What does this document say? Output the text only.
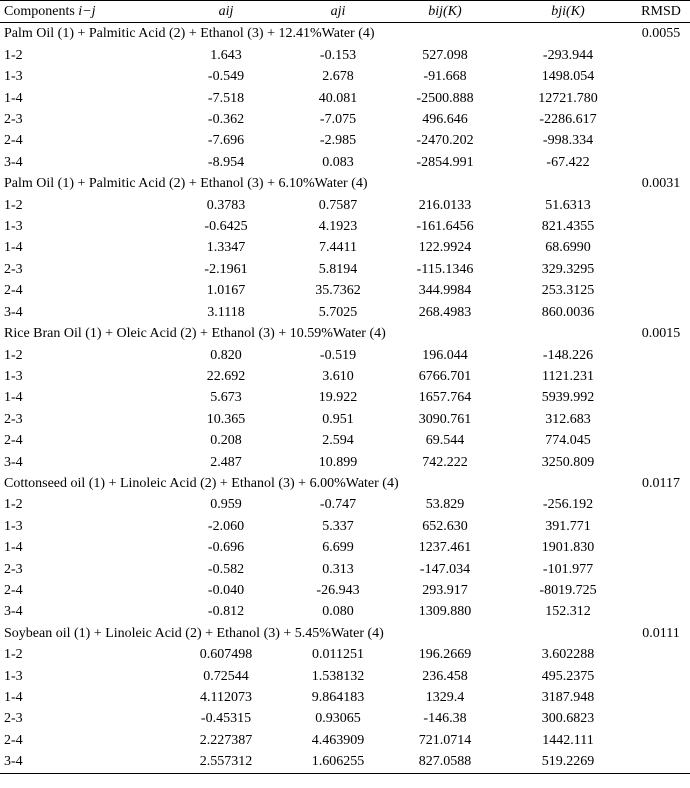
Components i−j	aij	aji	bij(K)	bji(K)	RMSD
Palm Oil (1) + Palmitic Acid (2) + Ethanol (3) + 12.41%Water (4)					0.0055
1-2	1.643	-0.153	527.098	-293.944	
1-3	-0.549	2.678	-91.668	1498.054	
1-4	-7.518	40.081	-2500.888	12721.780	
2-3	-0.362	-7.075	496.646	-2286.617	
2-4	-7.696	-2.985	-2470.202	-998.334	
3-4	-8.954	0.083	-2854.991	-67.422	
Palm Oil (1) + Palmitic Acid (2) + Ethanol (3) + 6.10%Water (4)					0.0031
1-2	0.3783	0.7587	216.0133	51.6313	
1-3	-0.6425	4.1923	-161.6456	821.4355	
1-4	1.3347	7.4411	122.9924	68.6990	
2-3	-2.1961	5.8194	-115.1346	329.3295	
2-4	1.0167	35.7362	344.9984	253.3125	
3-4	3.1118	5.7025	268.4983	860.0036	
Rice Bran Oil (1) + Oleic Acid (2) + Ethanol (3) + 10.59%Water (4)					0.0015
1-2	0.820	-0.519	196.044	-148.226	
1-3	22.692	3.610	6766.701	1121.231	
1-4	5.673	19.922	1657.764	5939.992	
2-3	10.365	0.951	3090.761	312.683	
2-4	0.208	2.594	69.544	774.045	
3-4	2.487	10.899	742.222	3250.809	
Cottonseed oil (1) + Linoleic Acid (2) + Ethanol (3) + 6.00%Water (4)					0.0117
1-2	0.959	-0.747	53.829	-256.192	
1-3	-2.060	5.337	652.630	391.771	
1-4	-0.696	6.699	1237.461	1901.830	
2-3	-0.582	0.313	-147.034	-101.977	
2-4	-0.040	-26.943	293.917	-8019.725	
3-4	-0.812	0.080	1309.880	152.312	
Soybean oil (1) + Linoleic Acid (2) + Ethanol (3) + 5.45%Water (4)					0.0111
1-2	0.607498	0.011251	196.2669	3.602288	
1-3	0.72544	1.538132	236.458	495.2375	
1-4	4.112073	9.864183	1329.4	3187.948	
2-3	-0.45315	0.93065	-146.38	300.6823	
2-4	2.227387	4.463909	721.0714	1442.111	
3-4	2.557312	1.606255	827.0588	519.2269	
